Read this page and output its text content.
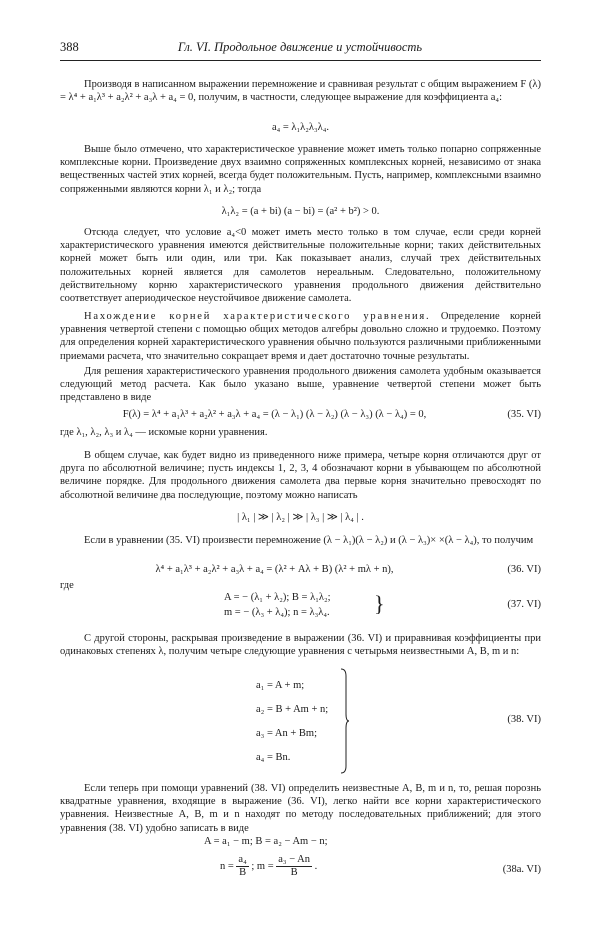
388	Гл. VI. Продольное движение и устойчивость

Производя в написанном выражении перемножение и сравнивая результат с общим выражением F (λ) = λ⁴ + a₁λ³ + a₂λ² + a₃λ + a₄ = 0, получим, в частности, следующее выражение для коэффициента a₄:

a₄ = λ₁λ₂λ₃λ₄.

Выше было отмечено, что характеристическое уравнение может иметь только попарно сопряженные комплексные корни. Произведение двух взаимно сопряженных комплексных корней, независимо от знака вещественных частей этих корней, всегда будет положительным. Пусть, например, комплексными взаимно сопряженными являются корни λ₁ и λ₂; тогда

λ₁λ₂ = (a + bi) (a − bi) = (a² + b²) > 0.

Отсюда следует, что условие a₄<0 может иметь место только в том случае, если среди корней характеристического уравнения имеются действительные положительные корни; таких действительных корней может быть или один, или три. Как показывает анализ, случай трех действительных положительных корней является для самолетов нереальным. Следовательно, положительному действительному корню характеристического уравнения продольного движения действительно соответствует апериодическое неустойчивое движение самолета.

Нахождение корней характеристического уравнения. Определение корней уравнения четвертой степени с помощью общих методов алгебры довольно сложно и трудоемко. Поэтому для определения корней характеристического уравнения обычно пользуются различными приближенными приемами расчета, что значительно сокращает время и дает достаточно точные результаты.

Для решения характеристического уравнения продольного движения самолета удобным оказывается следующий метод расчета. Как было указано выше, уравнение четвертой степени может быть представлено в виде

F(λ) = λ⁴ + a₁λ³ + a₂λ² + a₃λ + a₄ = (λ − λ₁) (λ − λ₂) (λ − λ₃) (λ − λ₄) = 0,	(35. VI)

где λ₁, λ₂, λ₃ и λ₄ — искомые корни уравнения.

В общем случае, как будет видно из приведенного ниже примера, четыре корня отличаются друг от друга по абсолютной величине; пусть индексы 1, 2, 3, 4 обозначают корни в убывающем по абсолютной величине порядке. Для продольного движения самолета два первые корня значительно превосходят по абсолютной величине два последующие, поэтому можно написать

| λ₁ | ≫ | λ₂ | ≫ | λ₃ | ≫ | λ₄ | .

Если в уравнении (35. VI) произвести перемножение (λ − λ₁)(λ − λ₂) и (λ − λ₃)× ×(λ − λ₄), то получим

λ⁴ + a₁λ³ + a₂λ² + a₃λ + a₄ = (λ² + Aλ + B) (λ² + mλ + n),	(36. VI)
где
A = − (λ₁ + λ₂); B = λ₁λ₂;
m = − (λ₃ + λ₄); n = λ₃λ₄.	}	(37. VI)

С другой стороны, раскрывая произведение в выражении (36. VI) и приравнивая коэффициенты при одинаковых степенях λ, получим четыре следующие уравнения с четырьмя неизвестными A, B, m и n:

a₁ = A + m;
a₂ = B + Am + n;
a₃ = An + Bm;
a₄ = Bn.
(38. VI)

Если теперь при помощи уравнений (38. VI) определить неизвестные A, B, m и n, то, решая порознь квадратные уравнения, входящие в выражение (36. VI), легко найти все корни характеристического уравнения. Неизвестные A, B, m и n находят по методу последовательных приближений; для этого уравнения (38. VI) удобно записать в виде

A = a₁ − m; B = a₂ − Am − n;
$n = \frac{\text{a₄}}{B}$ ; $m = \frac{\text{a₃ − An}}{B}$ .	(38a. VI)
